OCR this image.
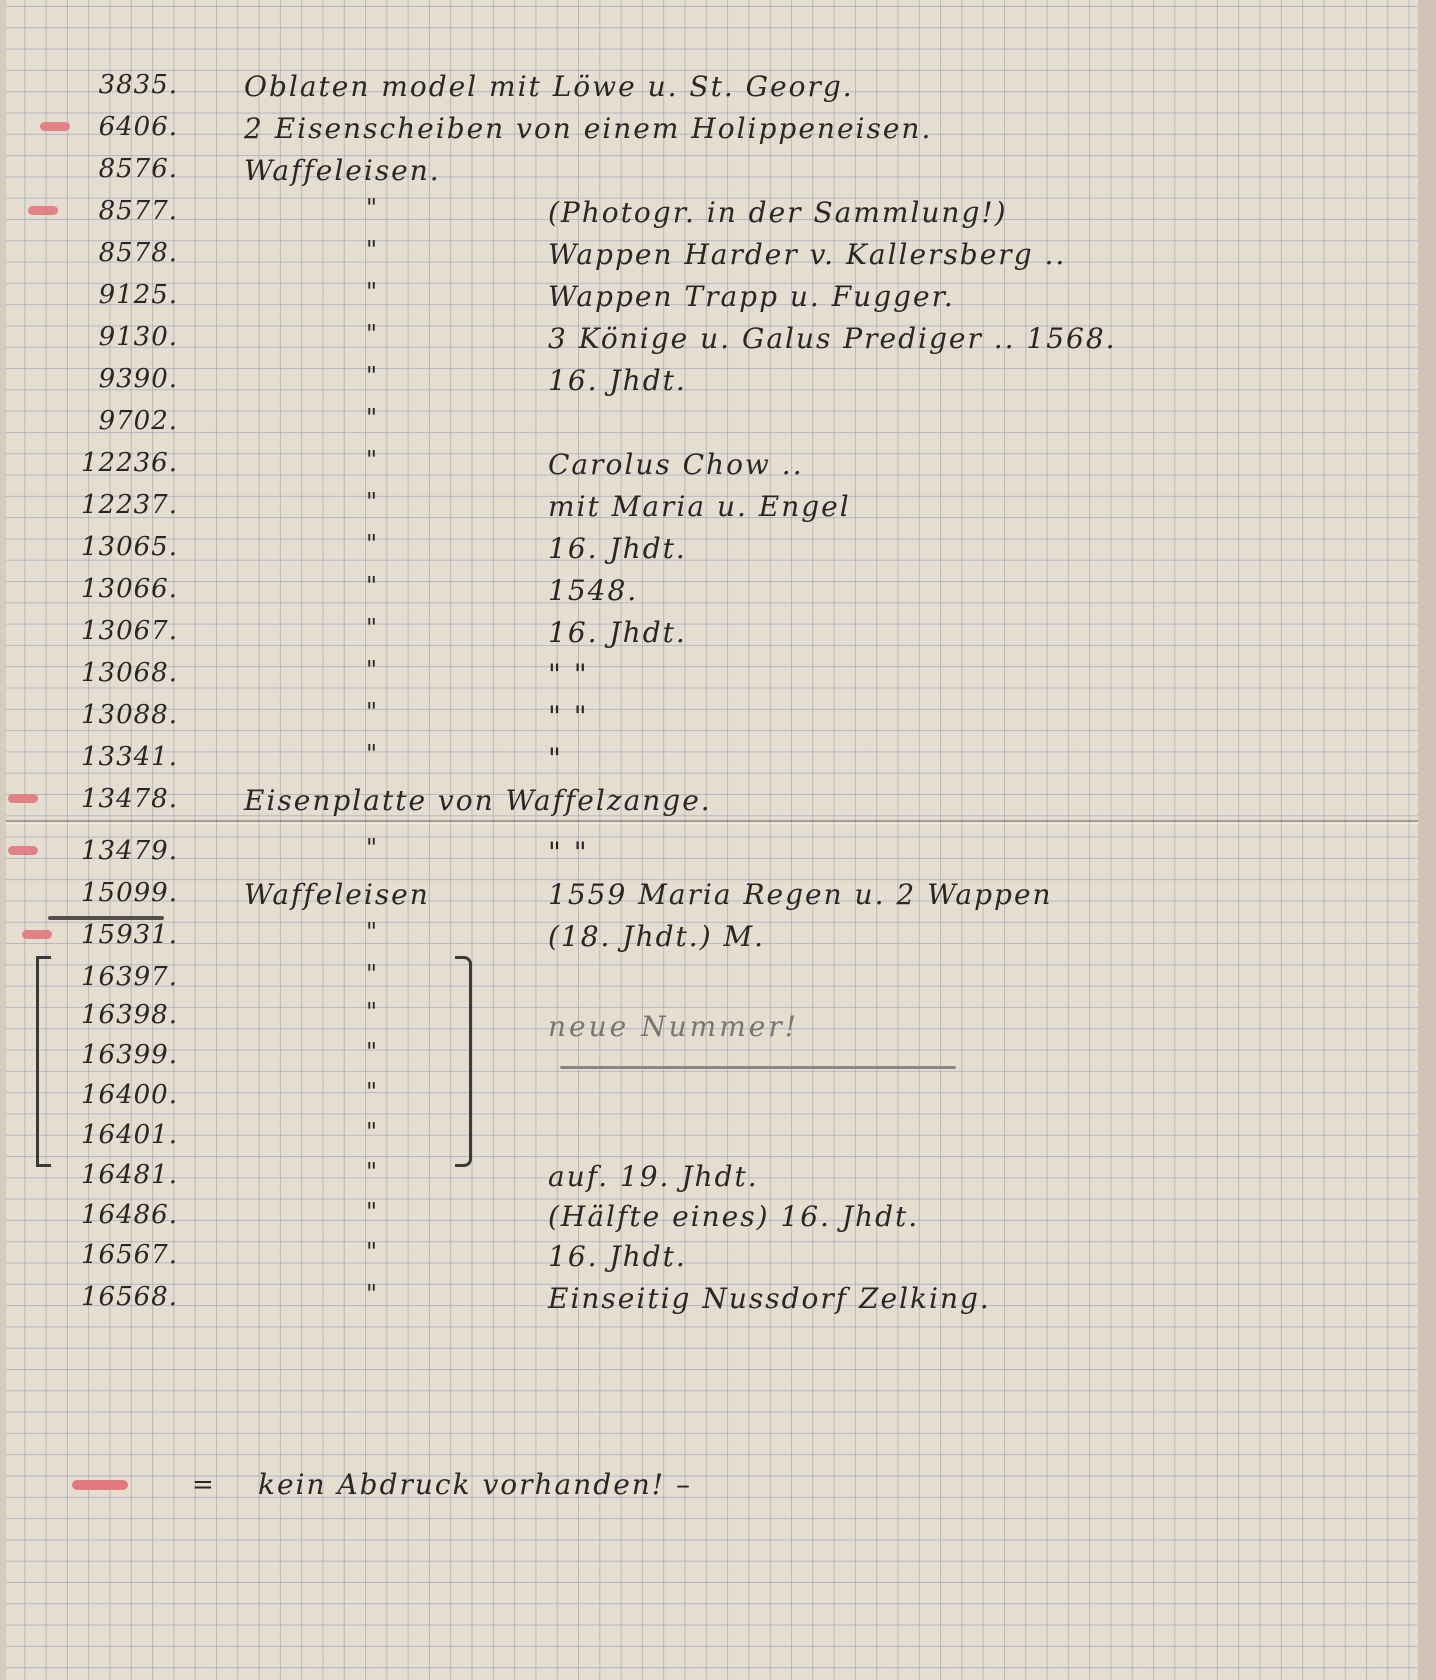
3835. Oblaten model mit Löwe u. St. Georg.
6406. 2 Eisenscheiben von einem Holippeneisen.
8576. Waffeleisen.
8577.	"	(Photogr. in der Sammlung!)
8578.	"	Wappen Harder v. Kallersberg ..
9125.	"	Wappen Trapp u. Fugger.
9130.	"	3 Könige u. Galus Prediger .. 1568.
9390.	"	16. Jhdt.
9702.	"
12236.	"	Carolus Chow ..
12237.	"	mit Maria u. Engel
13065.	"	16. Jhdt.
13066.	"	1548.
13067.	"	16. Jhdt.
13068.	"	" "
13088.	"	" "
13341.	"	"
13478. Eisenplatte von Waffelzange.
13479.	"	" "
15099. Waffeleisen	1559 Maria Regen u. 2 Wappen
15931.	"	(18. Jhdt.) M.
16397.	"
16398.	"
16399.	"
16400.	"
16401.	"
16481.	"	auf. 19. Jhdt.
16486.	"	(Hälfte eines) 16. Jhdt.
16567.	"	16. Jhdt.
16568.	"	Einseitig Nussdorf Zelking.
neue Nummer!
= kein Abdruck vorhanden! –
